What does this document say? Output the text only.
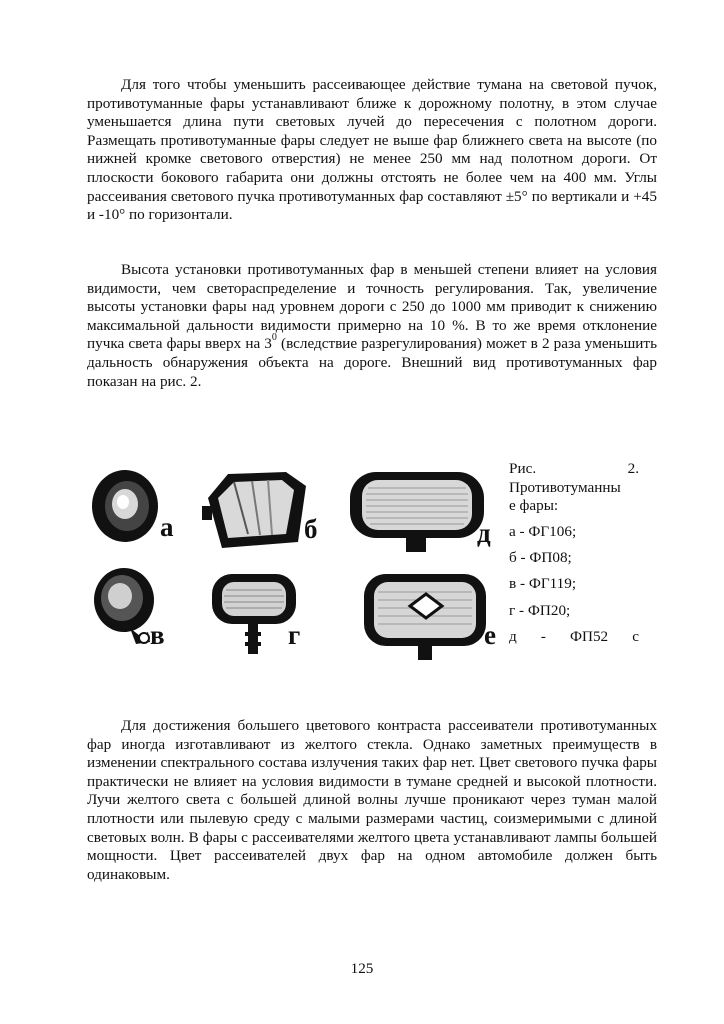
Для того чтобы уменьшить рассеивающее действие тумана на световой пучок, противотуманные фары устанавливают ближе к дорожному полотну, в этом случае уменьшается длина пути световых лучей до пересечения с полотном дороги. Размещать противотуманные фары следует не выше фар ближнего света на высоте (по нижней кромке светового отверстия) не менее 250 мм над полотном дороги. От плоскости бокового габарита они должны отстоять не более чем на 400 мм. Углы рассеивания светового пучка противотуманных фар составляют ±5° по вертикали и +45 и -10° по горизонтали.

Высота установки противотуманных фар в меньшей степени влияет на условия видимости, чем светораспределение и точность регулирования. Так, увеличение высоты установки фары над уровнем дороги с 250 до 1000 мм приводит к снижению максимальной дальности видимости примерно на 10 %. В то же время отклонение пучка света фары вверх на $3^0$ (вследствие разрегулирования) может в 2 раза уменьшить дальность обнаружения объекта на дороге. Внешний вид противотуманных фар показан на рис. 2.

а	б	д
в	г	е
Рис. 2.
Противотуманны
е фары:
а - ФГ106;
б - ФП08;
в - ФГ119;
г - ФП20;
д - ФП52 с

Для достижения большего цветового контраста рассеиватели противотуманных фар иногда изготавливают из желтого стекла. Однако заметных преимуществ в изменении спектрального состава излучения таких фар нет. Цвет светового пучка фары практически не влияет на условия видимости в тумане средней и высокой плотности. Лучи желтого света с большей длиной волны лучше проникают через туман малой плотности или пылевую среду с малыми размерами частиц, соизмеримыми с длиной световых волн. В фары с рассеивателями желтого цвета устанавливают лампы большей мощности. Цвет рассеивателей двух фар на одном автомобиле должен быть одинаковым.

125
